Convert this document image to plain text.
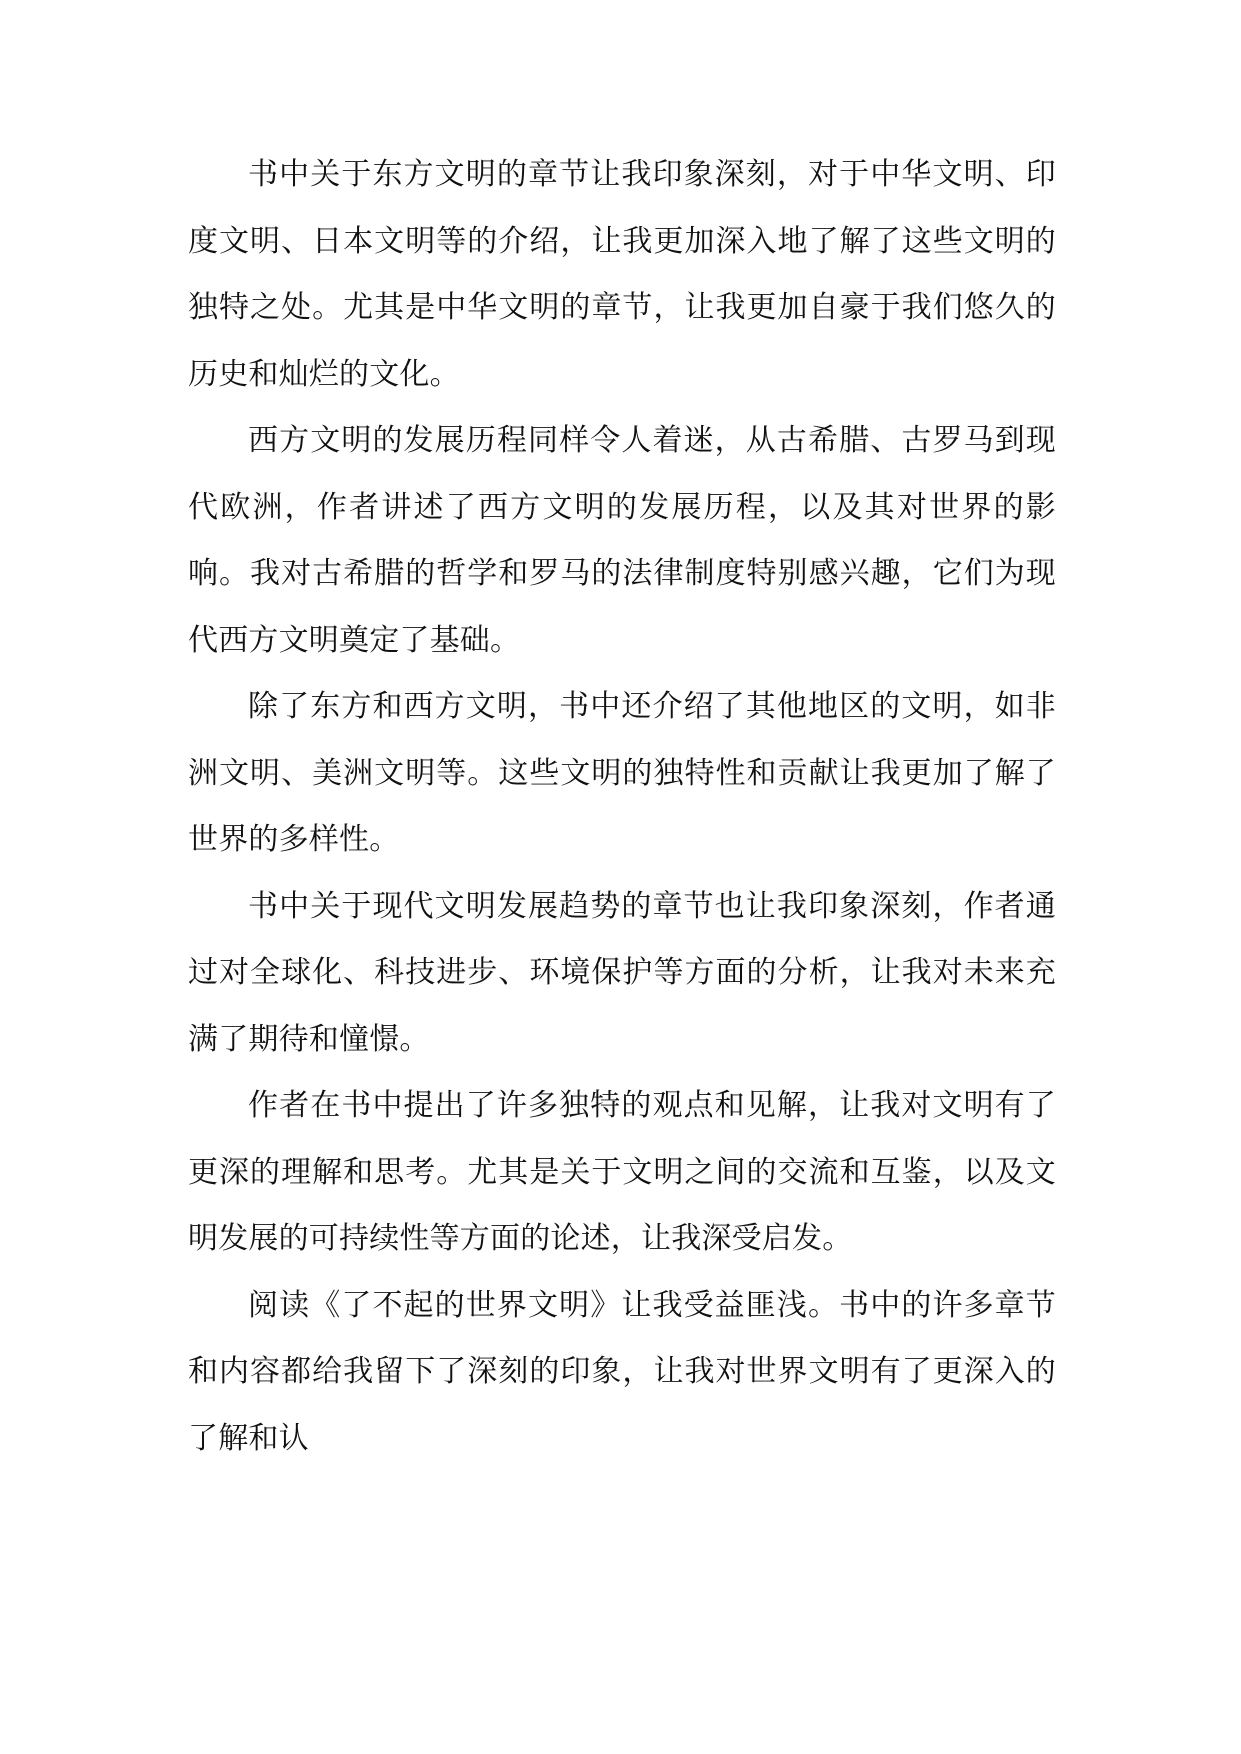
书中关于东方文明的章节让我印象深刻，对于中华文明、印度文明、日本文明等的介绍，让我更加深入地了解了这些文明的独特之处。尤其是中华文明的章节，让我更加自豪于我们悠久的历史和灿烂的文化。

西方文明的发展历程同样令人着迷，从古希腊、古罗马到现代欧洲，作者讲述了西方文明的发展历程，以及其对世界的影响。我对古希腊的哲学和罗马的法律制度特别感兴趣，它们为现代西方文明奠定了基础。

除了东方和西方文明，书中还介绍了其他地区的文明，如非洲文明、美洲文明等。这些文明的独特性和贡献让我更加了解了世界的多样性。

书中关于现代文明发展趋势的章节也让我印象深刻，作者通过对全球化、科技进步、环境保护等方面的分析，让我对未来充满了期待和憧憬。

作者在书中提出了许多独特的观点和见解，让我对文明有了更深的理解和思考。尤其是关于文明之间的交流和互鉴，以及文明发展的可持续性等方面的论述，让我深受启发。

阅读《了不起的世界文明》让我受益匪浅。书中的许多章节和内容都给我留下了深刻的印象，让我对世界文明有了更深入的了解和认
